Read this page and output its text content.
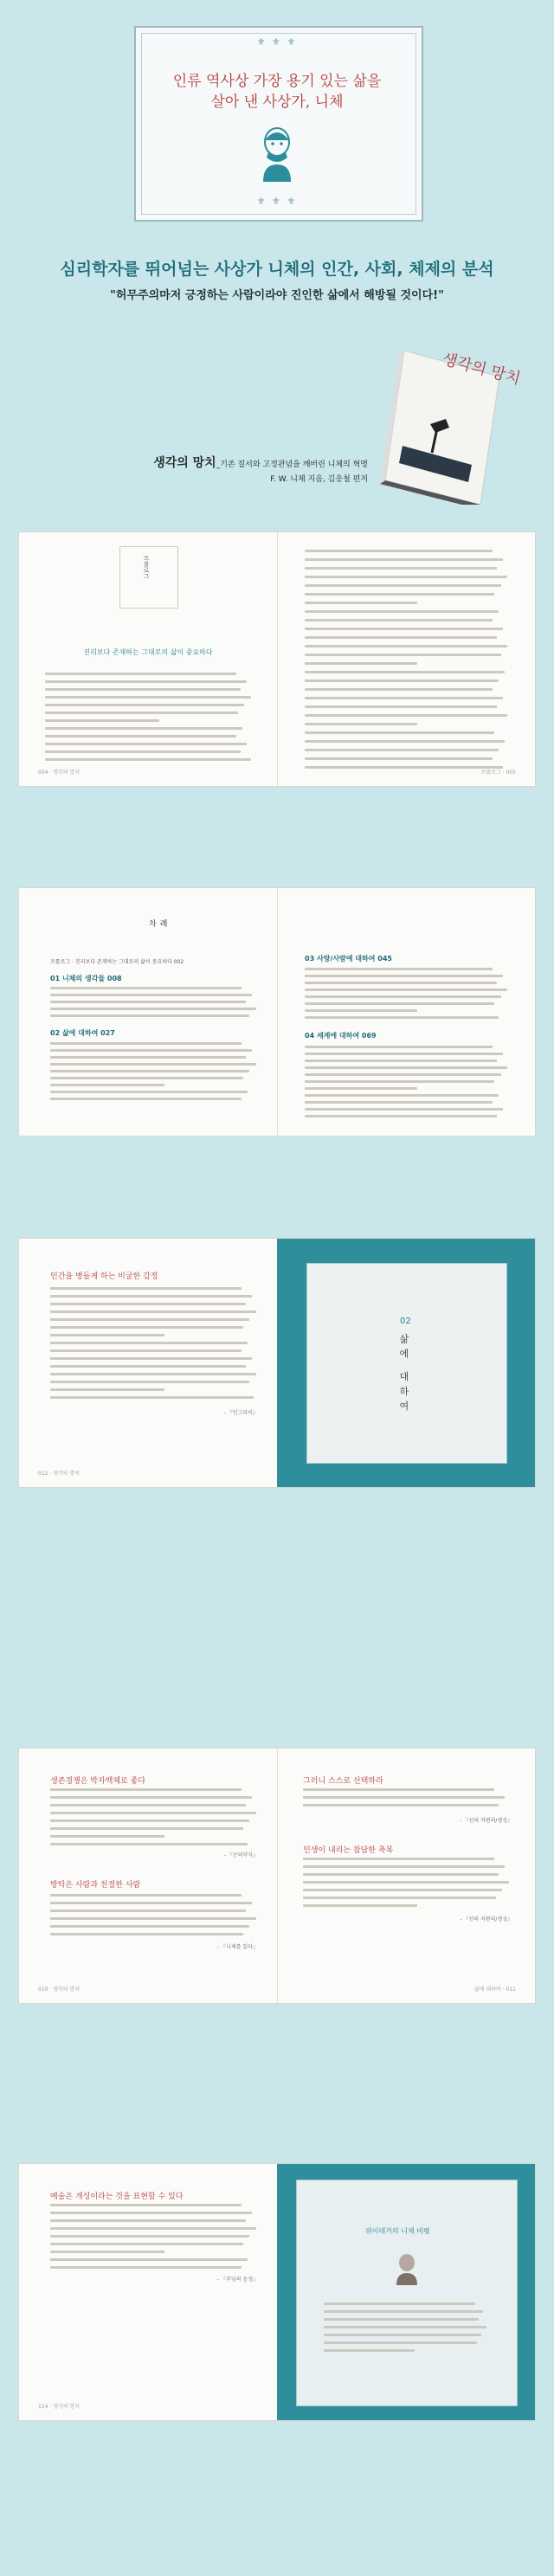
⚜ ⚜ ⚜
인류 역사상 가장 용기 있는 삶을
살아 낸 사상가, 니체
⚜ ⚜ ⚜
심리학자를 뛰어넘는 사상가 니체의 인간, 사회, 체제의 분석
"허무주의마저 긍정하는 사람이라야 진인한 삶에서 해방될 것이다!"
생각의 망치_기존 질서와 고정관념을 깨버린 니체의 혁명
F. W. 니체 지음, 김응철 편저
생각의 망치
프롤로그
진리보다 존재하는 그대로의 삶이 중요하다
004 · 생각의 망치	프롤로그 · 005
차례
프롤로그 · 진리보다 존재하는 그대로의 삶이 중요하다 002
01 니체의 생각들 008
02 삶에 대하여 027
03 사랑/사람에 대하여 045
04 세계에 대하여 069
인간을 병들게 하는 비굴한 감정
- 『인그라이』
012 · 생각의 망치
02
삶에 대하여
생존경쟁은 박자백체로 좋다
- 『곤의약식』
방탁은 사람과 친절한 사람
- 『니체를 읽다』
그러니 스스로 선택하라
- 『선의 저편의/생성』
인생이 내리는 참담한 축복
- 『선의 저편의/생성』
010 · 생각의 망치	삶에 대하여 · 011
예술은 개성이라는 것을 표현할 수 있다
- 『주님의 음성』
114 · 생각의 망치
위이테거의 니체 비평
